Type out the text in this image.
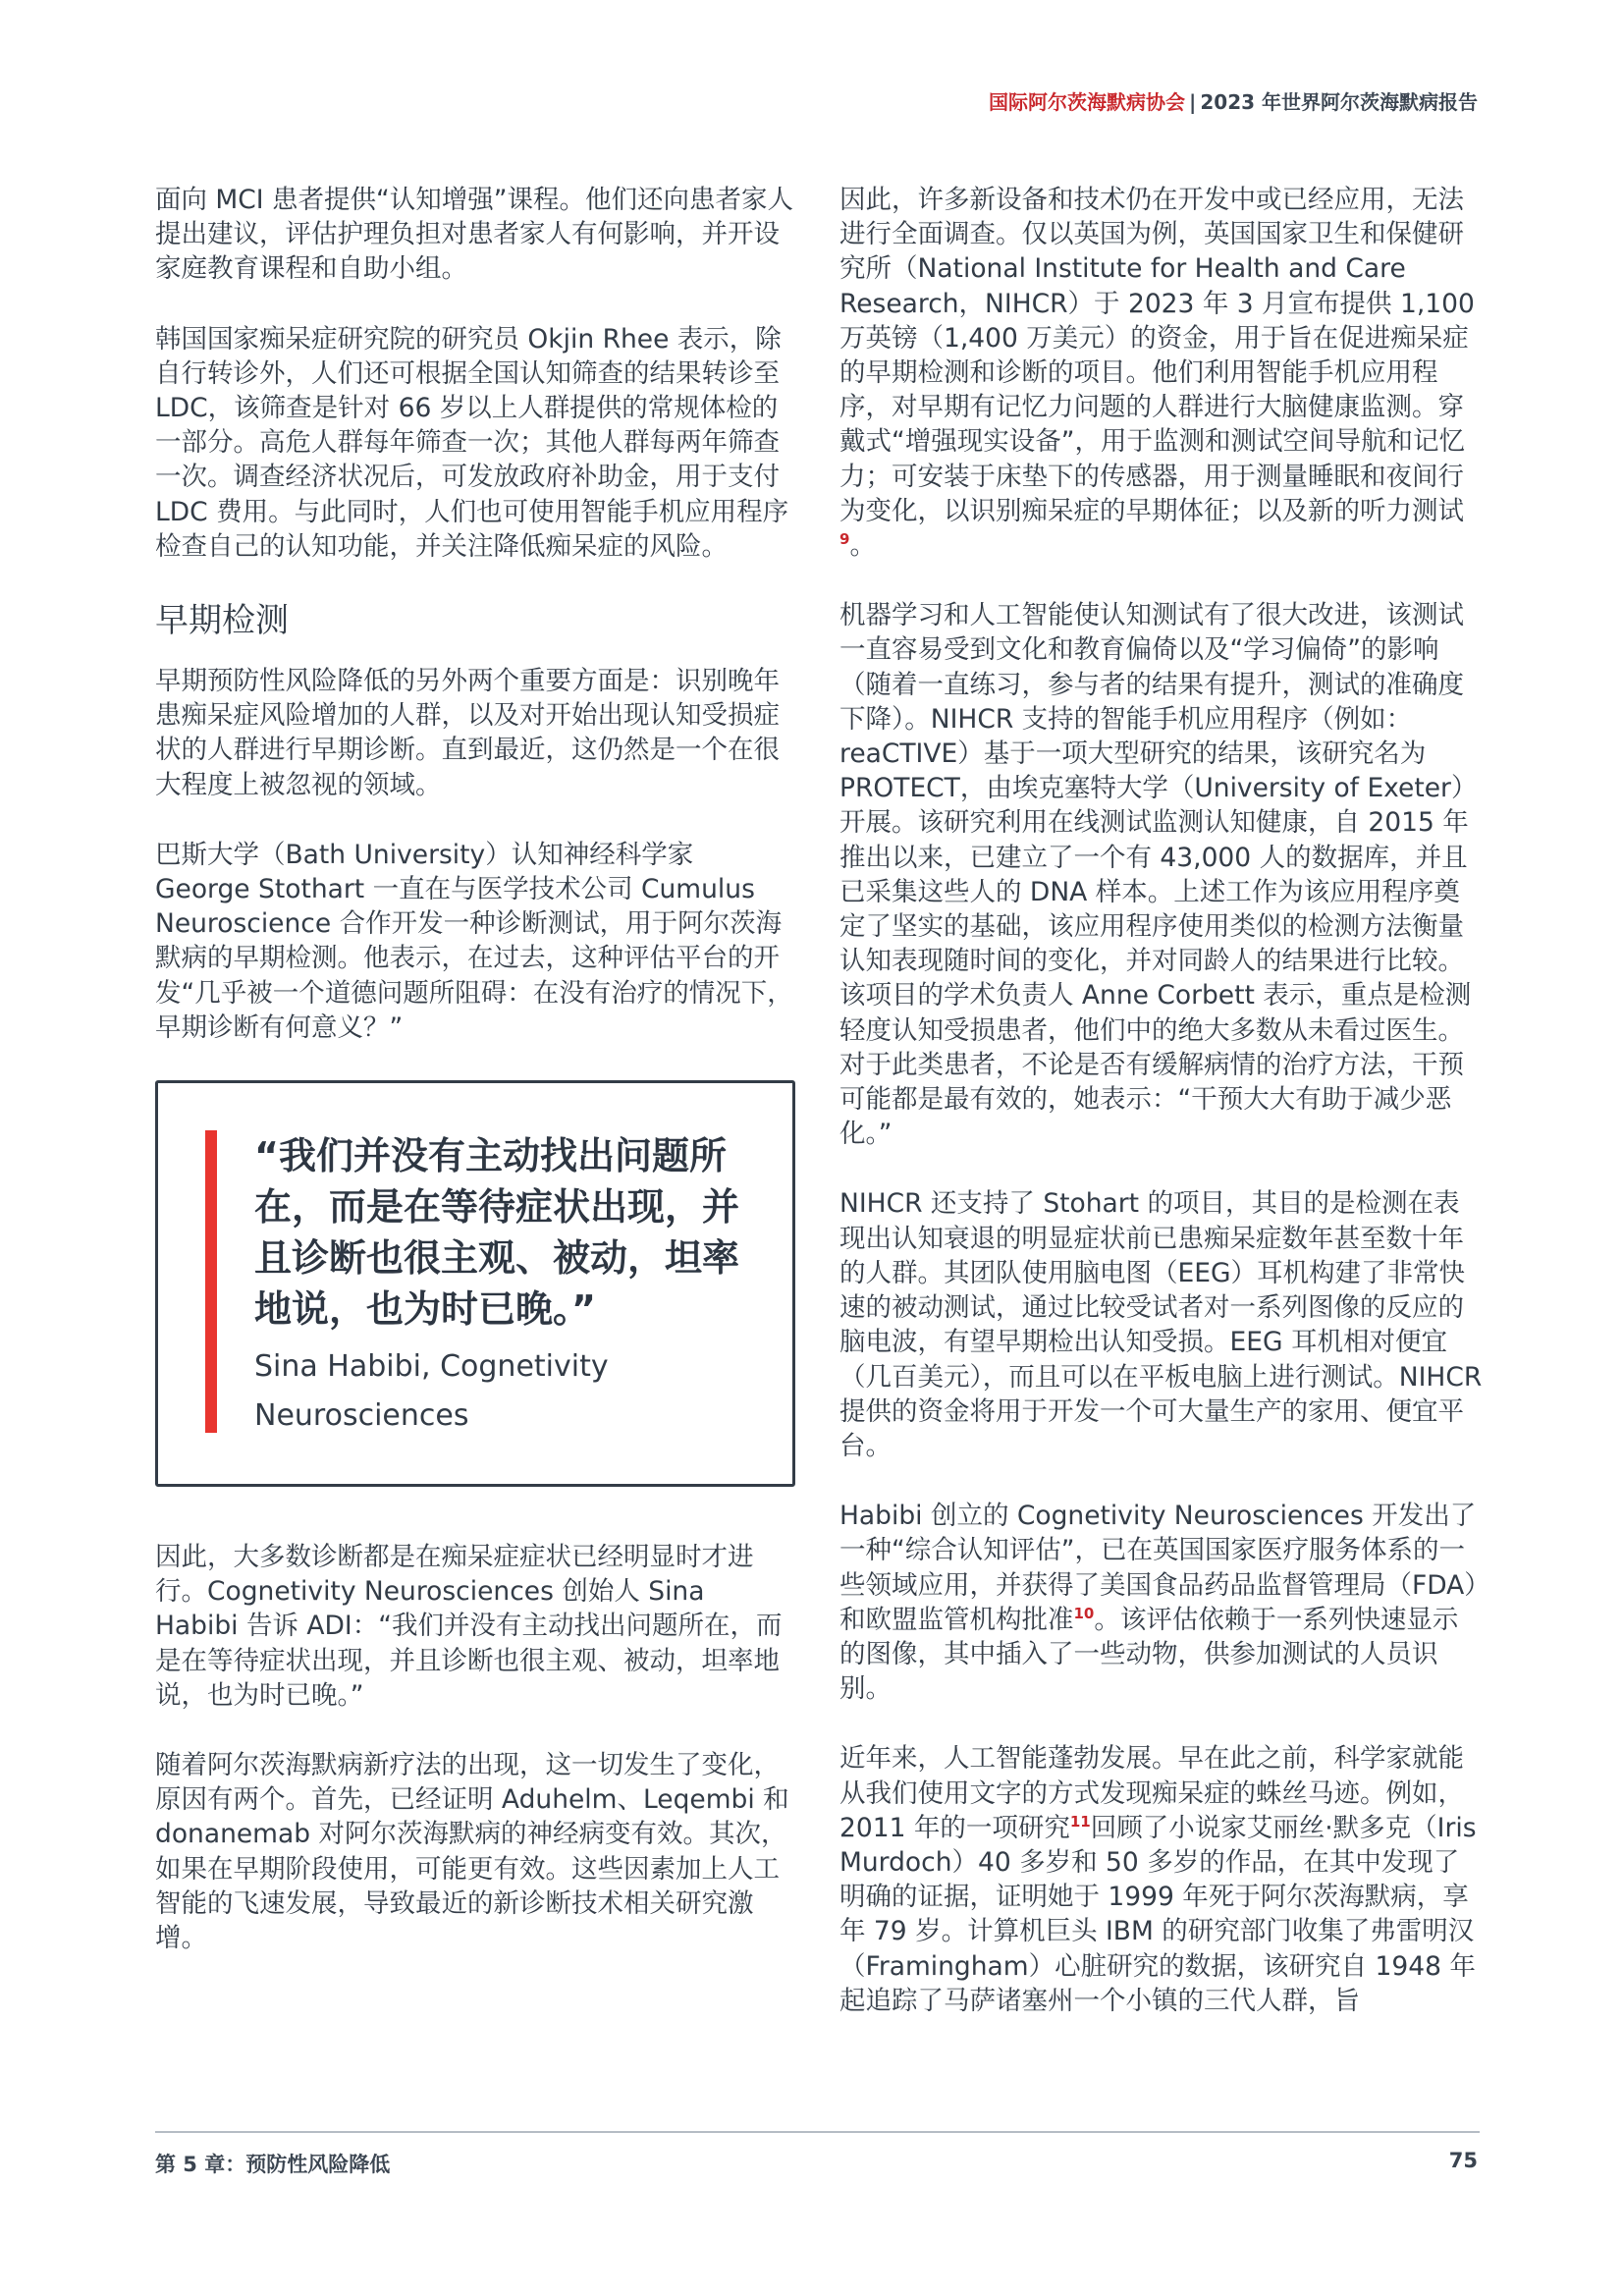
国际阿尔茨海默病协会 | 2023 年世界阿尔茨海默病报告

面向 MCI 患者提供“认知增强”课程。他们还向患者家人提出建议，评估护理负担对患者家人有何影响，并开设家庭教育课程和自助小组。

韩国国家痴呆症研究院的研究员 Okjin Rhee 表示，除自行转诊外，人们还可根据全国认知筛查的结果转诊至 LDC，该筛查是针对 66 岁以上人群提供的常规体检的一部分。高危人群每年筛查一次；其他人群每两年筛查一次。调查经济状况后，可发放政府补助金，用于支付 LDC 费用。与此同时，人们也可使用智能手机应用程序检查自己的认知功能，并关注降低痴呆症的风险。

早期检测

早期预防性风险降低的另外两个重要方面是：识别晚年患痴呆症风险增加的人群，以及对开始出现认知受损症状的人群进行早期诊断。直到最近，这仍然是一个在很大程度上被忽视的领域。

巴斯大学（Bath University）认知神经科学家 George Stothart 一直在与医学技术公司 Cumulus Neuroscience 合作开发一种诊断测试，用于阿尔茨海默病的早期检测。他表示，在过去，这种评估平台的开发“几乎被一个道德问题所阻碍：在没有治疗的情况下，早期诊断有何意义？”

“我们并没有主动找出问题所在，而是在等待症状出现，并且诊断也很主观、被动，坦率地说，也为时已晚。”
Sina Habibi, Cognetivity
Neurosciences

因此，大多数诊断都是在痴呆症症状已经明显时才进行。Cognetivity Neurosciences 创始人 Sina Habibi 告诉 ADI：“我们并没有主动找出问题所在，而是在等待症状出现，并且诊断也很主观、被动，坦率地说，也为时已晚。”

随着阿尔茨海默病新疗法的出现，这一切发生了变化，原因有两个。首先，已经证明 Aduhelm、Leqembi 和 donanemab 对阿尔茨海默病的神经病变有效。其次，如果在早期阶段使用，可能更有效。这些因素加上人工智能的飞速发展，导致最近的新诊断技术相关研究激增。

因此，许多新设备和技术仍在开发中或已经应用，无法进行全面调查。仅以英国为例，英国国家卫生和保健研究所（National Institute for Health and Care Research，NIHCR）于 2023 年 3 月宣布提供 1,100 万英镑（1,400 万美元）的资金，用于旨在促进痴呆症的早期检测和诊断的项目。他们利用智能手机应用程序，对早期有记忆力问题的人群进行大脑健康监测。穿戴式“增强现实设备”，用于监测和测试空间导航和记忆力；可安装于床垫下的传感器，用于测量睡眠和夜间行为变化，以识别痴呆症的早期体征；以及新的听力测试$^9$。

机器学习和人工智能使认知测试有了很大改进，该测试一直容易受到文化和教育偏倚以及“学习偏倚”的影响（随着一直练习，参与者的结果有提升，测试的准确度下降）。NIHCR 支持的智能手机应用程序（例如：reaCTIVE）基于一项大型研究的结果，该研究名为 PROTECT，由埃克塞特大学（University of Exeter）开展。该研究利用在线测试监测认知健康，自 2015 年推出以来，已建立了一个有 43,000 人的数据库，并且已采集这些人的 DNA 样本。上述工作为该应用程序奠定了坚实的基础，该应用程序使用类似的检测方法衡量认知表现随时间的变化，并对同龄人的结果进行比较。该项目的学术负责人 Anne Corbett 表示，重点是检测轻度认知受损患者，他们中的绝大多数从未看过医生。对于此类患者，不论是否有缓解病情的治疗方法，干预可能都是最有效的，她表示：“干预大大有助于减少恶化。”

NIHCR 还支持了 Stohart 的项目，其目的是检测在表现出认知衰退的明显症状前已患痴呆症数年甚至数十年的人群。其团队使用脑电图（EEG）耳机构建了非常快速的被动测试，通过比较受试者对一系列图像的反应的脑电波，有望早期检出认知受损。EEG 耳机相对便宜（几百美元），而且可以在平板电脑上进行测试。NIHCR 提供的资金将用于开发一个可大量生产的家用、便宜平台。

Habibi 创立的 Cognetivity Neurosciences 开发出了一种“综合认知评估”，已在英国国家医疗服务体系的一些领域应用，并获得了美国食品药品监督管理局（FDA）和欧盟监管机构批准$^{10}$。该评估依赖于一系列快速显示的图像，其中插入了一些动物，供参加测试的人员识别。

近年来，人工智能蓬勃发展。早在此之前，科学家就能从我们使用文字的方式发现痴呆症的蛛丝马迹。例如，2011 年的一项研究$^{11}$回顾了小说家艾丽丝·默多克（Iris Murdoch）40 多岁和 50 多岁的作品，在其中发现了明确的证据，证明她于 1999 年死于阿尔茨海默病，享年 79 岁。计算机巨头 IBM 的研究部门收集了弗雷明汉（Framingham）心脏研究的数据，该研究自 1948 年起追踪了马萨诸塞州一个小镇的三代人群，旨

第 5 章：预防性风险降低	75
